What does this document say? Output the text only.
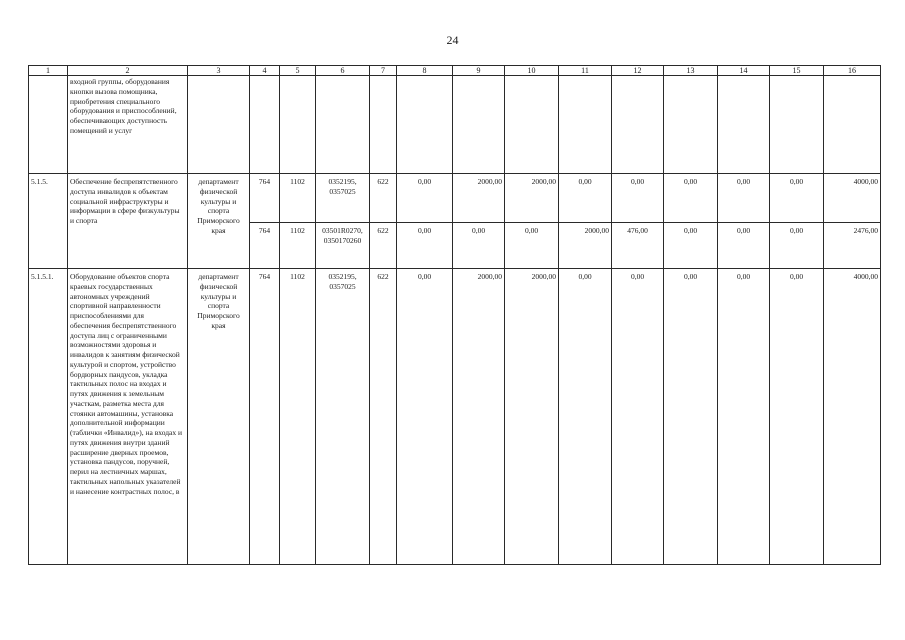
24
1	2	3	4	5	6	7	8	9	10	11	12	13	14	15	16
	входной группы, оборудования кнопки вызова помощника, приобретения специального оборудования и приспособлений, обеспечивающих доступность помещений и услуг														
5.1.5.	Обеспечение беспрепятственного доступа инвалидов к объектам социальной инфраструктуры и информации в сфере физкультуры и спорта	департамент физической культуры и спорта Приморского края	764	1102	0352195, 0357025	622	0,00	2000,00	2000,00	0,00	0,00	0,00	0,00	0,00	4000,00
			764	1102	03501R0270, 0350170260	622	0,00	0,00	0,00	2000,00	476,00	0,00	0,00	0,00	2476,00
5.1.5.1.	Оборудование объектов спорта краевых государственных автономных учреждений спортивной направленности приспособлениями для обеспечения беспрепятственного доступа лиц с ограниченными возможностями здоровья и инвалидов к занятиям физической культурой и спортом, устройство бордюрных пандусов, укладка тактильных полос на входах и путях движения к земельным участкам, разметка места для стоянки автомашины, установка дополнительной информации (таблички «Инвалид»), на входах и путях движения внутри зданий расширение дверных проемов, установка пандусов, поручней, перил на лестничных маршах, тактильных напольных указателей и нанесение контрастных полос, в	департамент физической культуры и спорта Приморского края	764	1102	0352195, 0357025	622	0,00	2000,00	2000,00	0,00	0,00	0,00	0,00	0,00	4000,00
